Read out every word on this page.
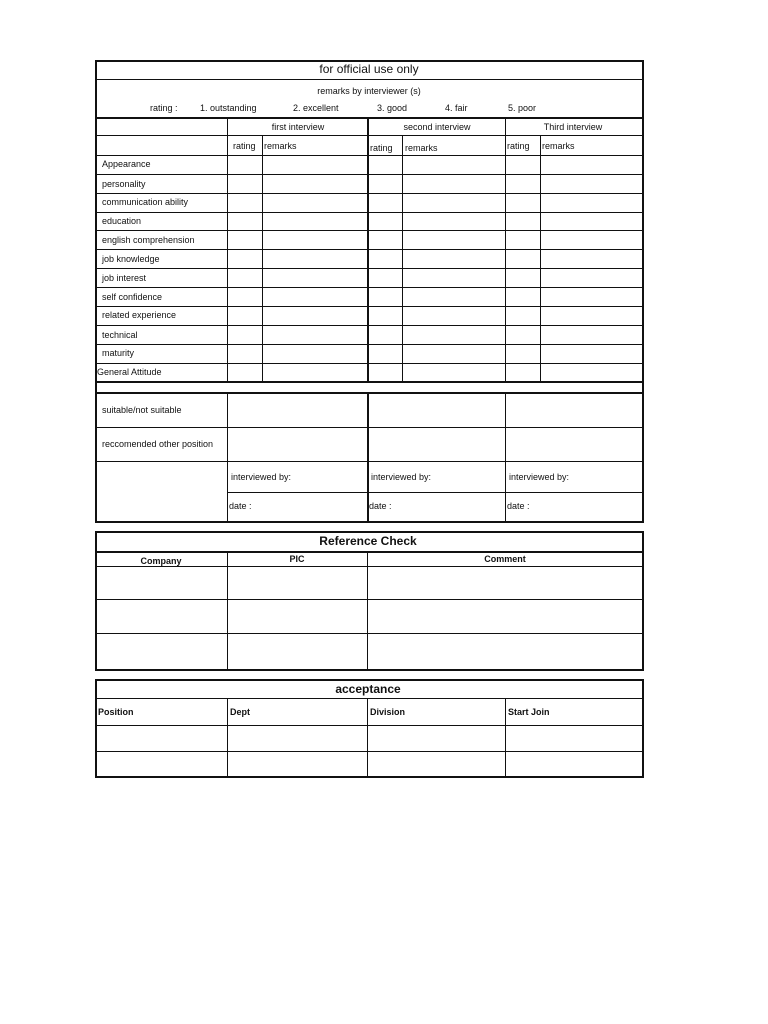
for official use only
remarks by interviewer (s)
rating : 1. outstanding	2. excellent	3. good	4. fair	5. poor
first interview	second interview	Third interview
rating remarks	rating remarks	rating remarks
Appearance
personality
communication ability
education
english comprehension
job knowledge
job interest
self confidence
related experience
technical
maturity
General Attitude
suitable/not suitable
reccomended other position
interviewed by:	interviewed by:	interviewed by:
date :	date :	date :
Reference Check
Company	PIC	Comment
acceptance
Position	Dept	Division	Start Join
